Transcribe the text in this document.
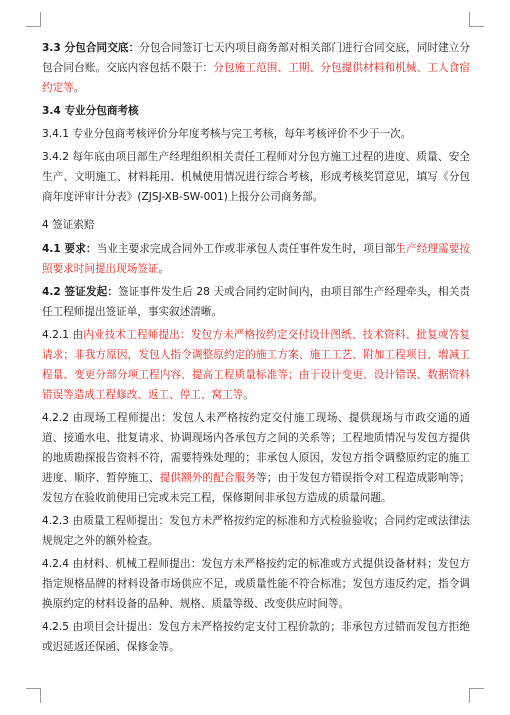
3.3 分包合同交底：分包合同签订七天内项目商务部对相关部门进行合同交底，同时建立分包合同台账。交底内容包括不限于：分包施工范围、工期、分包提供材料和机械、工人食宿约定等。

3.4 专业分包商考核

3.4.1 专业分包商考核评价分年度考核与完工考核，每年考核评价不少于一次。

3.4.2 每年底由项目部生产经理组织相关责任工程师对分包方施工过程的进度、质量、安全生产、文明施工、材料耗用、机械使用情况进行综合考核，形成考核奖罚意见，填写《分包商年度评审计分表》(ZJSJ-XB-SW-001)上报分公司商务部。

4 签证索赔

4.1 要求：当业主要求完成合同外工作或非承包人责任事件发生时，项目部生产经理需要按照要求时间提出现场签证。

4.2 签证发起：签证事件发生后 28 天或合同约定时间内，由项目部生产经理牵头，相关责任工程师提出签证单，事实叙述清晰。

4.2.1 由内业技术工程师提出：发包方未严格按约定交付设计图纸、技术资料、批复或答复请求；非我方原因，发包人指令调整原约定的施工方案、施工工艺、附加工程项目、增减工程量、变更分部分项工程内容、提高工程质量标准等；由于设计变更、设计错误、数据资料错误等造成工程修改、返工、停工、窝工等。

4.2.2 由现场工程师提出：发包人未严格按约定交付施工现场、提供现场与市政交通的通道、接通水电、批复请求、协调现场内各承包方之间的关系等；工程地质情况与发包方提供的地质勘探报告资料不符，需要特殊处理的；非承包人原因，发包方指令调整原约定的施工进度、顺序、暂停施工、提供额外的配合服务等；由于发包方错误指令对工程造成影响等；发包方在验收前使用已完或未完工程，保修期间非承包方造成的质量问题。

4.2.3 由质量工程师提出：发包方未严格按约定的标准和方式检验验收；合同约定或法律法规规定之外的额外检查。

4.2.4 由材料、机械工程师提出：发包方未严格按约定的标准或方式提供设备材料；发包方指定规格品牌的材料设备市场供应不足，或质量性能不符合标准；发包方违反约定，指令调换原约定的材料设备的品种、规格、质量等级、改变供应时间等。

4.2.5 由项目会计提出：发包方未严格按约定支付工程价款的；非承包方过错而发包方拒绝或迟延返还保函、保修金等。
